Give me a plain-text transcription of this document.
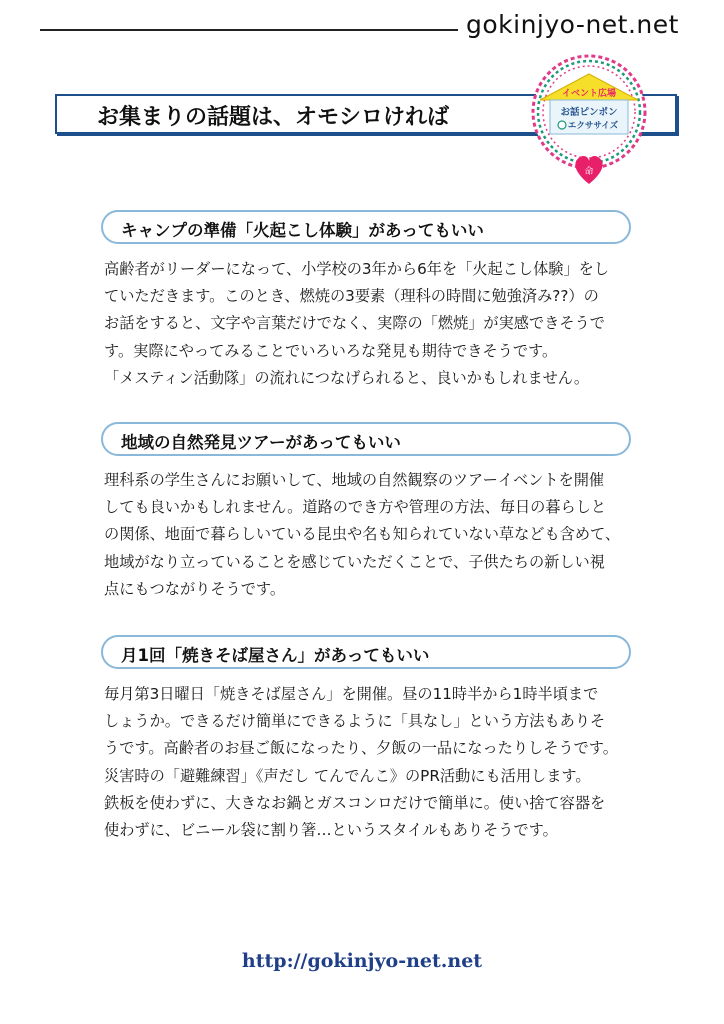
gokinjyo-net.net
お集まりの話題は、オモシロければ
イベント広場
お話ピンポン
エクササイズ
命
キャンプの準備「火起こし体験」があってもいい
高齢者がリーダーになって、小学校の3年から6年を「火起こし体験」をし
ていただきます。このとき、燃焼の3要素（理科の時間に勉強済み??）の
お話をすると、文字や言葉だけでなく、実際の「燃焼」が実感できそうで
す。実際にやってみることでいろいろな発見も期待できそうです。
「メスティン活動隊」の流れにつなげられると、良いかもしれません。
地域の自然発見ツアーがあってもいい
理科系の学生さんにお願いして、地域の自然観察のツアーイベントを開催
しても良いかもしれません。道路のでき方や管理の方法、毎日の暮らしと
の関係、地面で暮らしいている昆虫や名も知られていない草なども含めて、
地域がなり立っていることを感じていただくことで、子供たちの新しい視
点にもつながりそうです。
月1回「焼きそば屋さん」があってもいい
毎月第3日曜日「焼きそば屋さん」を開催。昼の11時半から1時半頃まで
しょうか。できるだけ簡単にできるように「具なし」という方法もありそ
うです。高齢者のお昼ご飯になったり、夕飯の一品になったりしそうです。
災害時の「避難練習」《声だし てんでんこ》のPR活動にも活用します。
鉄板を使わずに、大きなお鍋とガスコンロだけで簡単に。使い捨て容器を
使わずに、ビニール袋に割り箸…というスタイルもありそうです。
http://gokinjyo-net.net
